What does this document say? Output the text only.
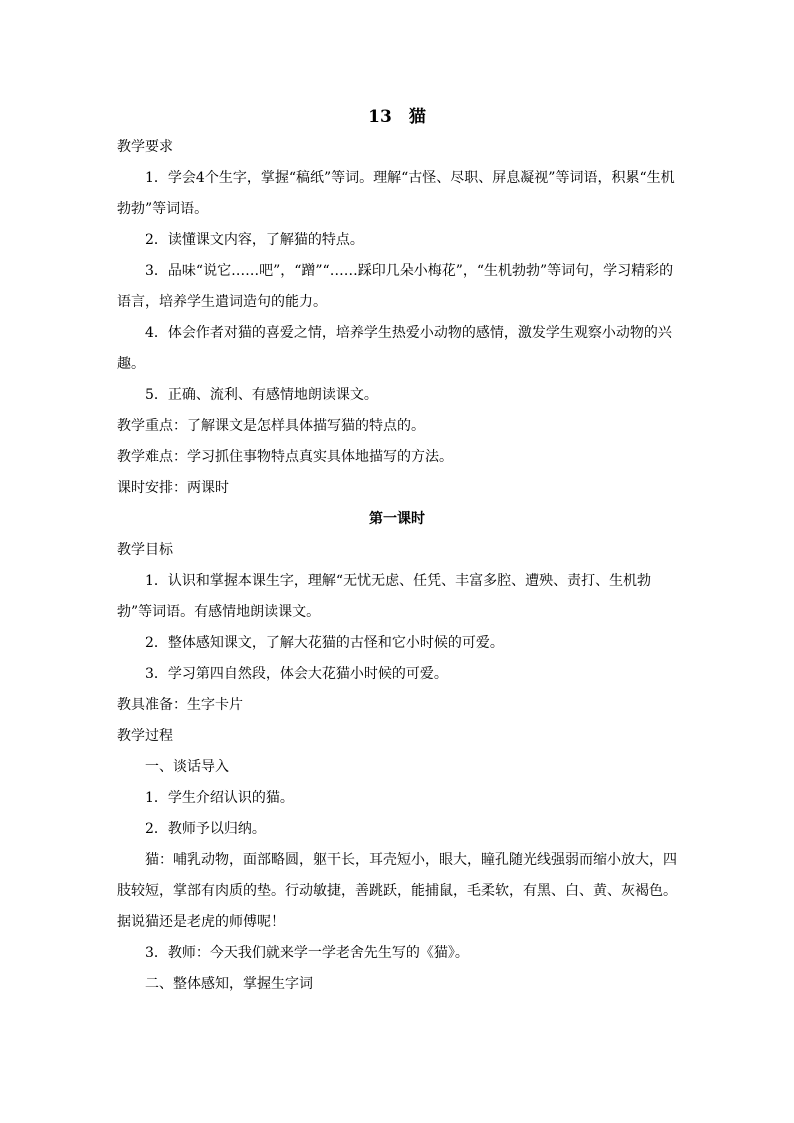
13　猫
教学要求
1．学会4个生字，掌握“稿纸”等词。理解“古怪、尽职、屏息凝视”等词语，积累“生机勃勃”等词语。
2．读懂课文内容，了解猫的特点。
3．品味“说它……吧”，“蹭”“……踩印几朵小梅花”，“生机勃勃”等词句，学习精彩的语言，培养学生遣词造句的能力。
4．体会作者对猫的喜爱之情，培养学生热爱小动物的感情，激发学生观察小动物的兴趣。
5．正确、流利、有感情地朗读课文。
教学重点：了解课文是怎样具体描写猫的特点的。
教学难点：学习抓住事物特点真实具体地描写的方法。
课时安排：两课时
第一课时
教学目标
1．认识和掌握本课生字，理解“无忧无虑、任凭、丰富多腔、遭殃、责打、生机勃勃”等词语。有感情地朗读课文。
2．整体感知课文，了解大花猫的古怪和它小时候的可爱。
3．学习第四自然段，体会大花猫小时候的可爱。
教具准备：生字卡片
教学过程
一、谈话导入
1．学生介绍认识的猫。
2．教师予以归纳。
猫：哺乳动物，面部略圆，躯干长，耳壳短小，眼大，瞳孔随光线强弱而缩小放大，四肢较短，掌部有肉质的垫。行动敏捷，善跳跃，能捕鼠，毛柔软，有黑、白、黄、灰褐色。据说猫还是老虎的师傅呢！
3．教师：今天我们就来学一学老舍先生写的《猫》。
二、整体感知，掌握生字词
